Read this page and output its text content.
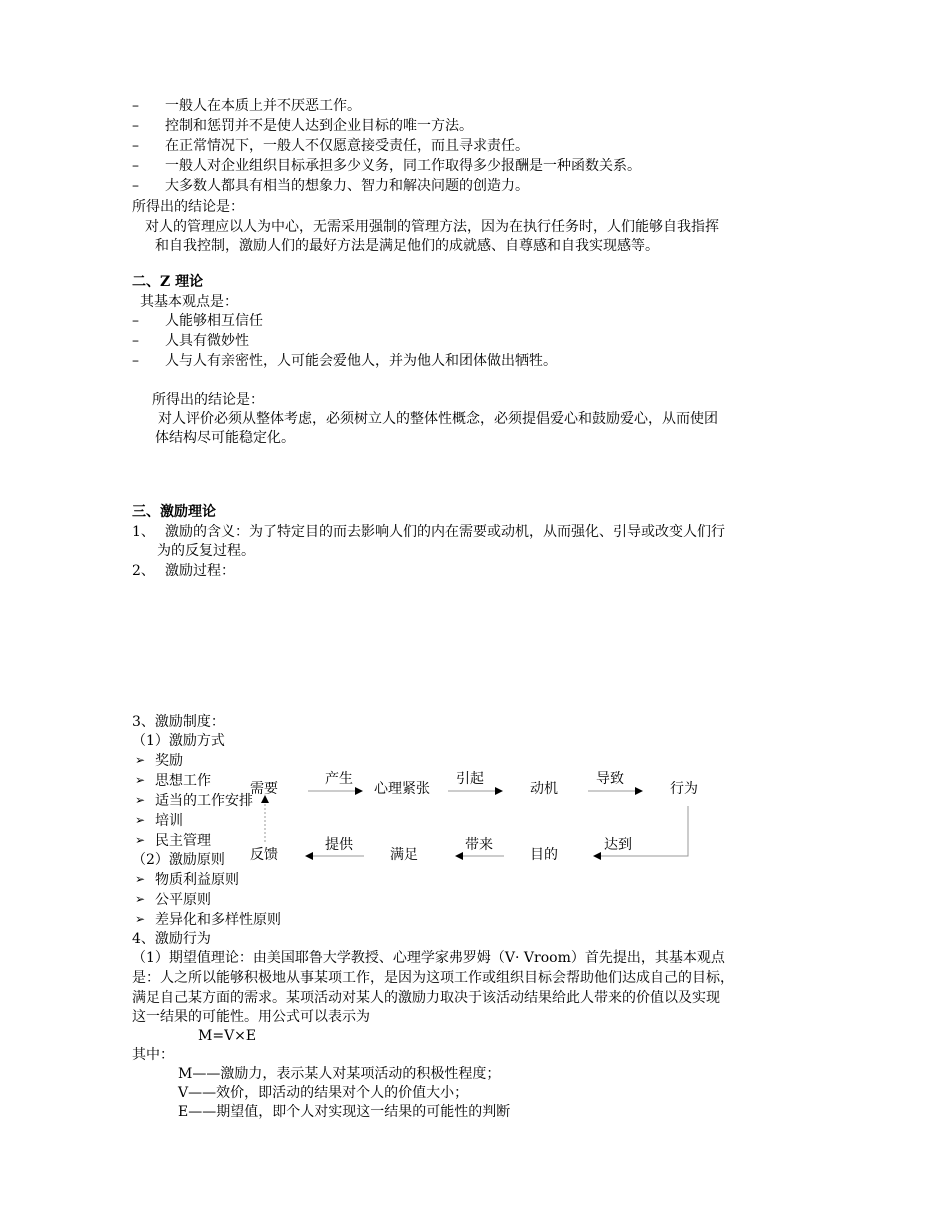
– 一般人在本质上并不厌恶工作。
– 控制和惩罚并不是使人达到企业目标的唯一方法。
– 在正常情况下，一般人不仅愿意接受责任，而且寻求责任。
– 一般人对企业组织目标承担多少义务，同工作取得多少报酬是一种函数关系。
– 大多数人都具有相当的想象力、智力和解决问题的创造力。
所得出的结论是：
对人的管理应以人为中心，无需采用强制的管理方法，因为在执行任务时，人们能够自我指挥
和自我控制，激励人们的最好方法是满足他们的成就感、自尊感和自我实现感等。
二、Z 理论
其基本观点是：
– 人能够相互信任
– 人具有微妙性
– 人与人有亲密性，人可能会爱他人，并为他人和团体做出牺牲。
所得出的结论是：
对人评价必须从整体考虑，必须树立人的整体性概念，必须提倡爱心和鼓励爱心，从而使团
体结构尽可能稳定化。
三、激励理论
1、 激励的含义：为了特定目的而去影响人们的内在需要或动机，从而强化、引导或改变人们行
为的反复过程。
2、 激励过程：
3、激励制度：
（1）激励方式
➢ 奖励
➢ 思想工作
➢ 适当的工作安排
➢ 培训
➢ 民主管理
（2）激励原则
➢ 物质利益原则
➢ 公平原则
➢ 差异化和多样性原则
需要	心理紧张	动机	行为
目的
满足
反馈
产生	引起	导致
达到
带来
提供
4、激励行为
（1）期望值理论：由美国耶鲁大学教授、心理学家弗罗姆（V· Vroom）首先提出，其基本观点
是：人之所以能够积极地从事某项工作，是因为这项工作或组织目标会帮助他们达成自己的目标，
满足自己某方面的需求。某项活动对某人的激励力取决于该活动结果给此人带来的价值以及实现
这一结果的可能性。用公式可以表示为
M=V×E
其中：
M——激励力，表示某人对某项活动的积极性程度；
V——效价，即活动的结果对个人的价值大小；
E——期望值，即个人对实现这一结果的可能性的判断
